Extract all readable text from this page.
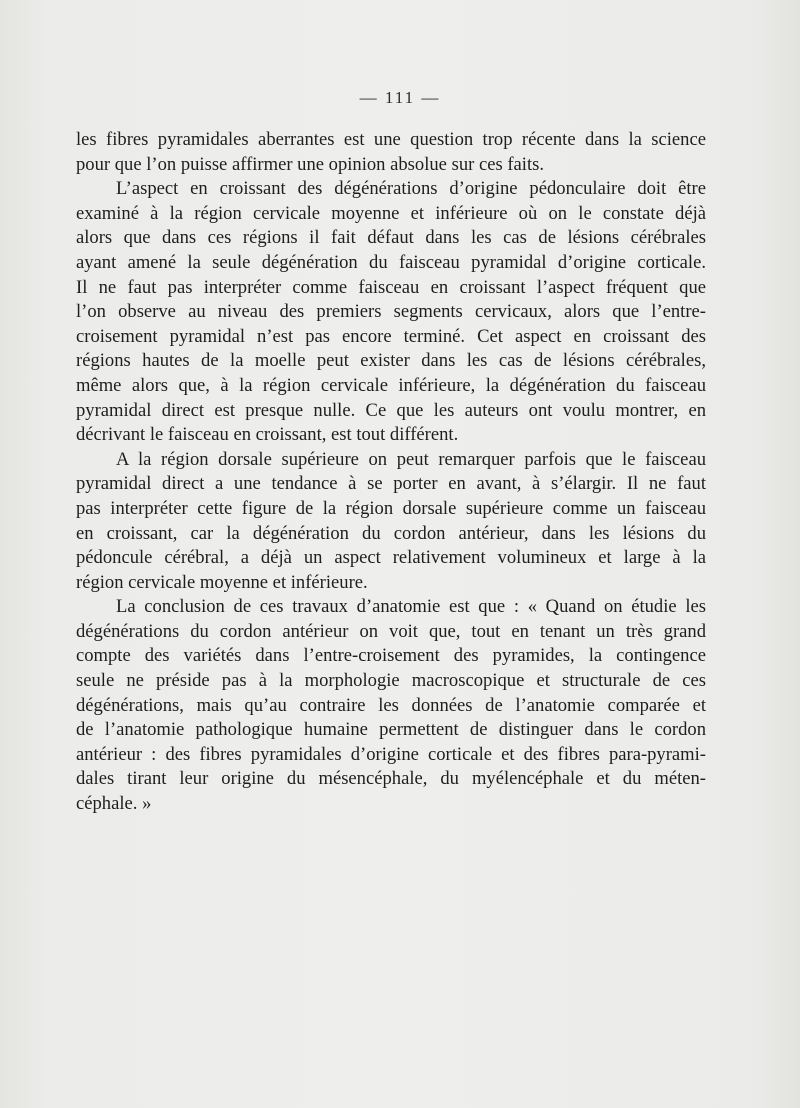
— 111 —
les fibres pyramidales aberrantes est une question trop récente dans la science
pour que l’on puisse affirmer une opinion absolue sur ces faits.
L’aspect en croissant des dégénérations d’origine pédonculaire doit être
examiné à la région cervicale moyenne et inférieure où on le constate déjà
alors que dans ces régions il fait défaut dans les cas de lésions cérébrales
ayant amené la seule dégénération du faisceau pyramidal d’origine corticale.
Il ne faut pas interpréter comme faisceau en croissant l’aspect fréquent que
l’on observe au niveau des premiers segments cervicaux, alors que l’entre-
croisement pyramidal n’est pas encore terminé. Cet aspect en croissant des
régions hautes de la moelle peut exister dans les cas de lésions cérébrales,
même alors que, à la région cervicale inférieure, la dégénération du faisceau
pyramidal direct est presque nulle. Ce que les auteurs ont voulu montrer, en
décrivant le faisceau en croissant, est tout différent.
A la région dorsale supérieure on peut remarquer parfois que le faisceau
pyramidal direct a une tendance à se porter en avant, à s’élargir. Il ne faut
pas interpréter cette figure de la région dorsale supérieure comme un faisceau
en croissant, car la dégénération du cordon antérieur, dans les lésions du
pédoncule cérébral, a déjà un aspect relativement volumineux et large à la
région cervicale moyenne et inférieure.
La conclusion de ces travaux d’anatomie est que : « Quand on étudie les
dégénérations du cordon antérieur on voit que, tout en tenant un très grand
compte des variétés dans l’entre-croisement des pyramides, la contingence
seule ne préside pas à la morphologie macroscopique et structurale de ces
dégénérations, mais qu’au contraire les données de l’anatomie comparée et
de l’anatomie pathologique humaine permettent de distinguer dans le cordon
antérieur : des fibres pyramidales d’origine corticale et des fibres para-pyrami-
dales tirant leur origine du mésencéphale, du myélencéphale et du méten-
céphale. »
